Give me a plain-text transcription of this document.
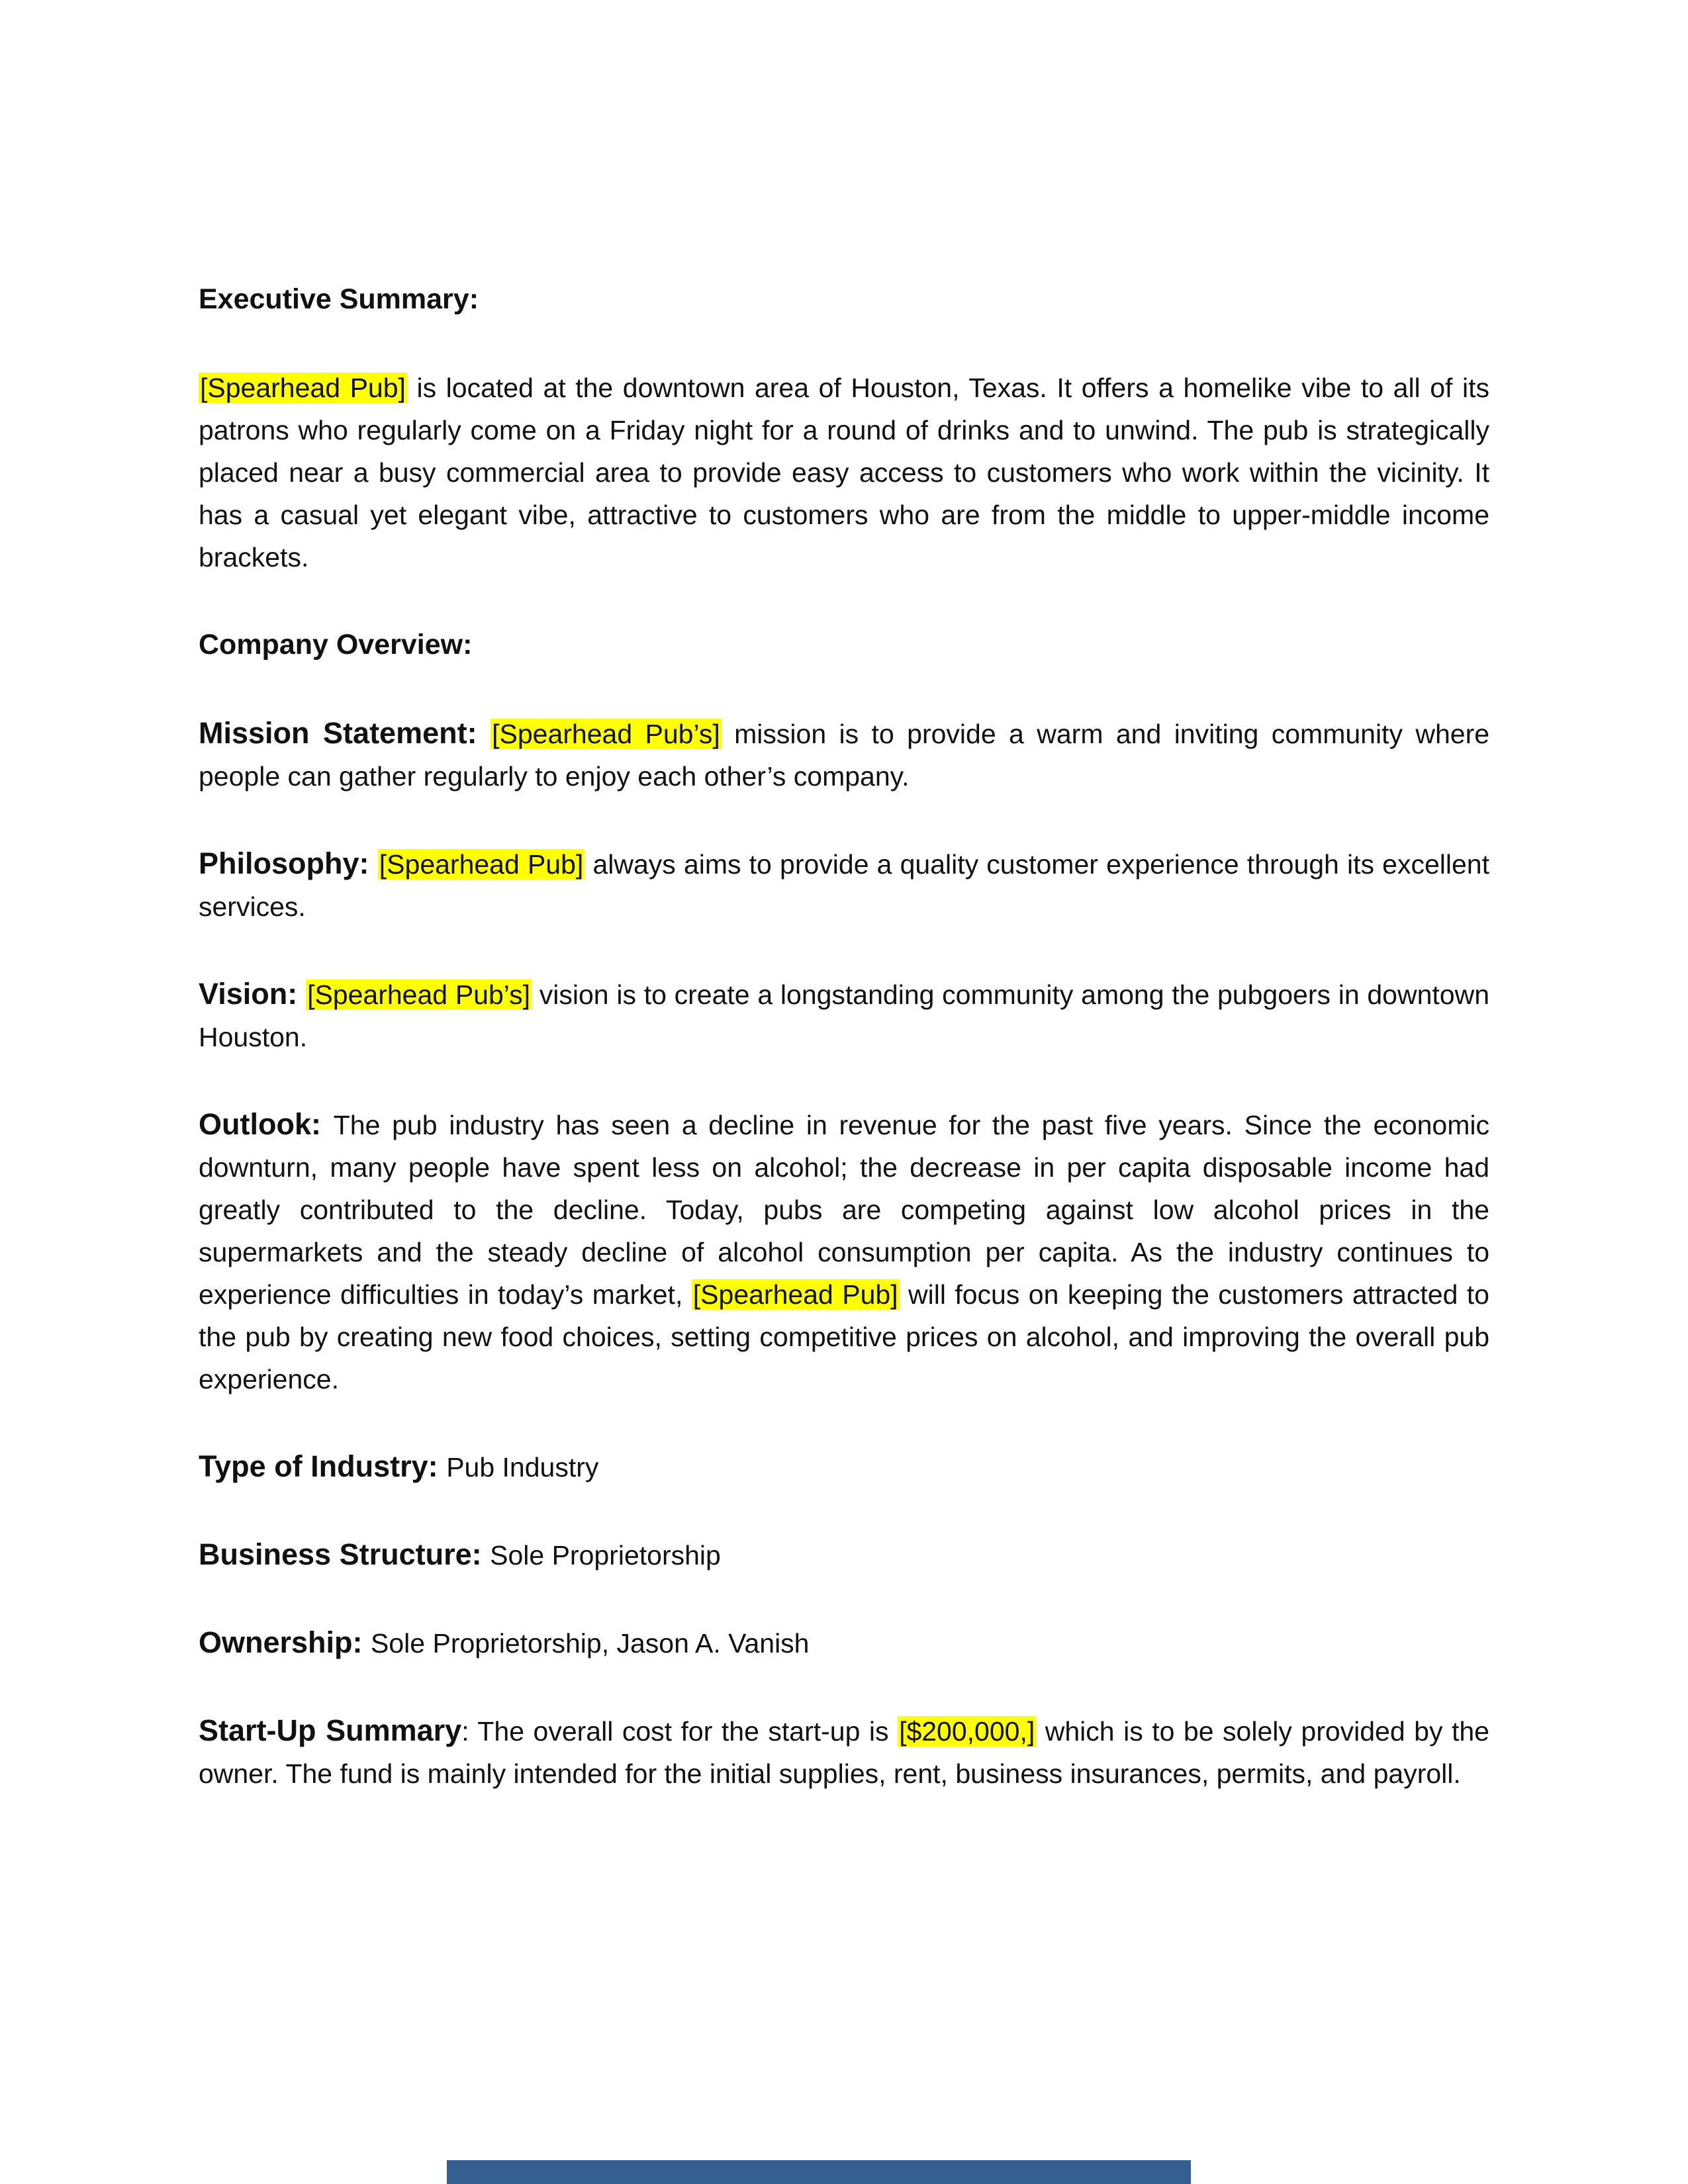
Executive Summary:

[Spearhead Pub] is located at the downtown area of Houston, Texas. It offers a homelike vibe to all of its patrons who regularly come on a Friday night for a round of drinks and to unwind. The pub is strategically placed near a busy commercial area to provide easy access to customers who work within the vicinity. It has a casual yet elegant vibe, attractive to customers who are from the middle to upper-middle income brackets.

Company Overview:

Mission Statement: [Spearhead Pub’s] mission is to provide a warm and inviting community where people can gather regularly to enjoy each other’s company.

Philosophy: [Spearhead Pub] always aims to provide a quality customer experience through its excellent services.

Vision: [Spearhead Pub’s] vision is to create a longstanding community among the pubgoers in downtown Houston.

Outlook: The pub industry has seen a decline in revenue for the past five years. Since the economic downturn, many people have spent less on alcohol; the decrease in per capita disposable income had greatly contributed to the decline. Today, pubs are competing against low alcohol prices in the supermarkets and the steady decline of alcohol consumption per capita. As the industry continues to experience difficulties in today’s market, [Spearhead Pub] will focus on keeping the customers attracted to the pub by creating new food choices, setting competitive prices on alcohol, and improving the overall pub experience.

Type of Industry: Pub Industry

Business Structure: Sole Proprietorship

Ownership: Sole Proprietorship, Jason A. Vanish

Start-Up Summary: The overall cost for the start-up is [$200,000,] which is to be solely provided by the owner. The fund is mainly intended for the initial supplies, rent, business insurances, permits, and payroll.
